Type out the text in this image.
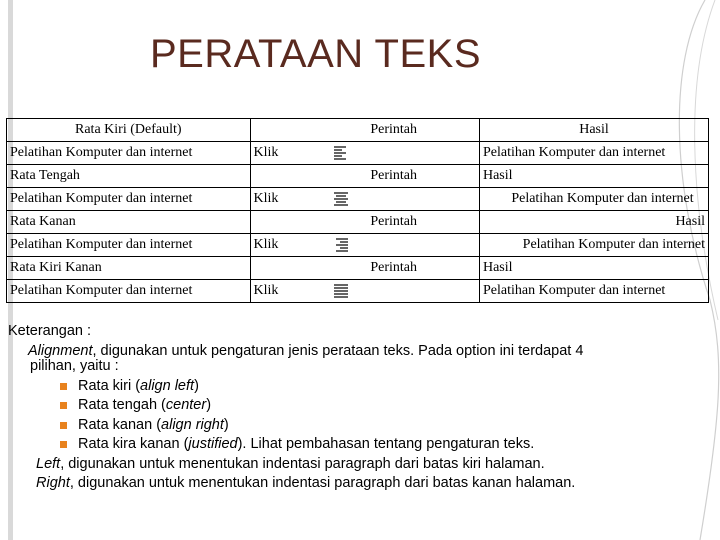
PERATAAN TEKS
Rata Kiri (Default)	Perintah	Hasil
Pelatihan Komputer dan internet	Klik	Pelatihan Komputer dan internet
Rata Tengah	Perintah	Hasil
Pelatihan Komputer dan internet	Klik	Pelatihan Komputer dan internet
Rata Kanan	Perintah	Hasil
Pelatihan Komputer dan internet	Klik	Pelatihan Komputer dan internet
Rata Kiri Kanan	Perintah	Hasil
Pelatihan Komputer dan internet	Klik	Pelatihan Komputer dan internet
Keterangan :
Alignment, digunakan untuk pengaturan jenis perataan teks. Pada option ini terdapat 4
pilihan, yaitu :
Rata kiri (align left)
Rata tengah (center)
Rata kanan (align right)
Rata kira kanan (justified). Lihat pembahasan tentang pengaturan teks.
Left, digunakan untuk menentukan indentasi paragraph dari batas kiri halaman.
Right, digunakan untuk menentukan indentasi paragraph dari batas kanan halaman.
